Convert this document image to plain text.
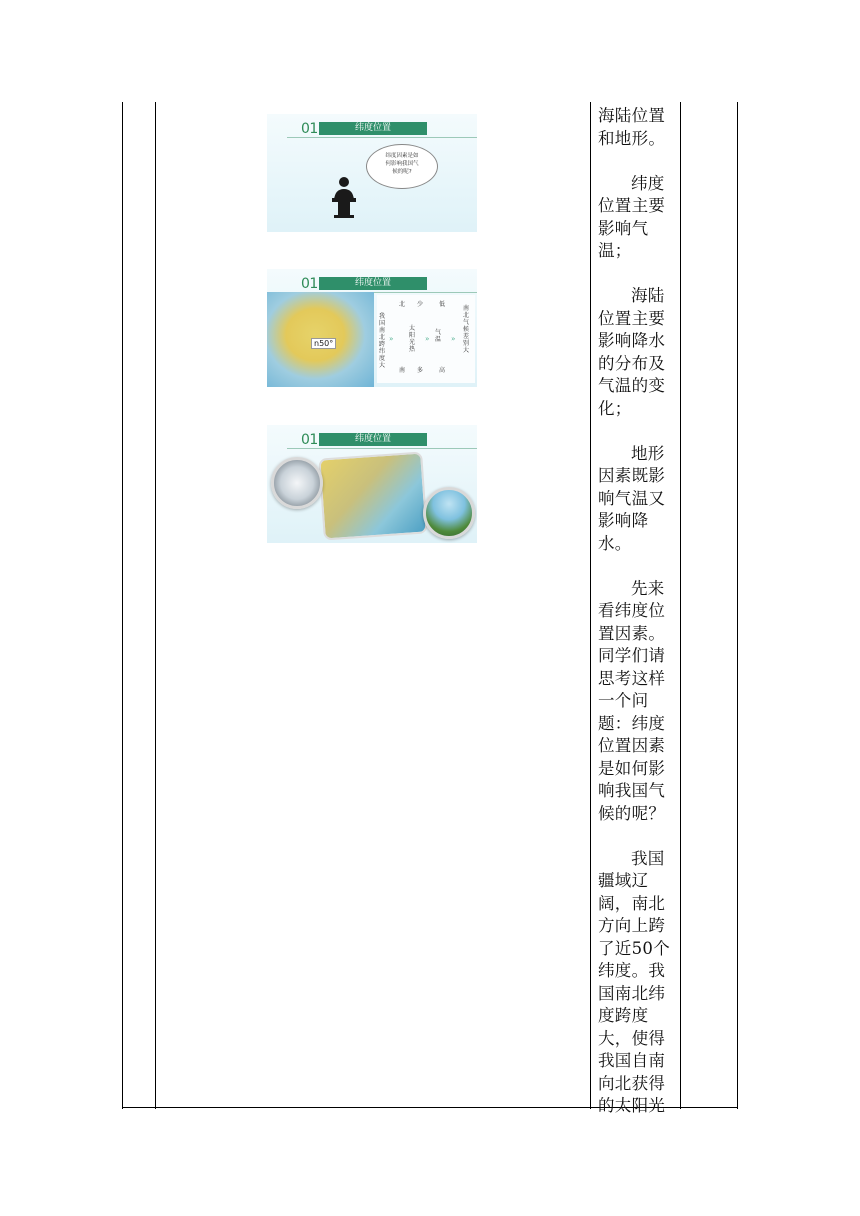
01	纬度位置
纬度因素是如
何影响我国气
候的呢?
01	纬度位置
n50°
我国南北跨纬度大
北
太阳光热
南
少
多
低
气温
高
南北气候差别大
»	»	»
01	纬度位置

海陆位置和地形。

纬度位置主要影响气温；

海陆位置主要影响降水的分布及气温的变化；

地形因素既影响气温又影响降水。

先来看纬度位置因素。同学们请思考这样一个问题：纬度位置因素是如何影响我国气候的呢？

我国疆域辽阔，南北方向上跨了近50个纬度。我国南北纬度跨度大，使得我国自南向北获得的太阳光
